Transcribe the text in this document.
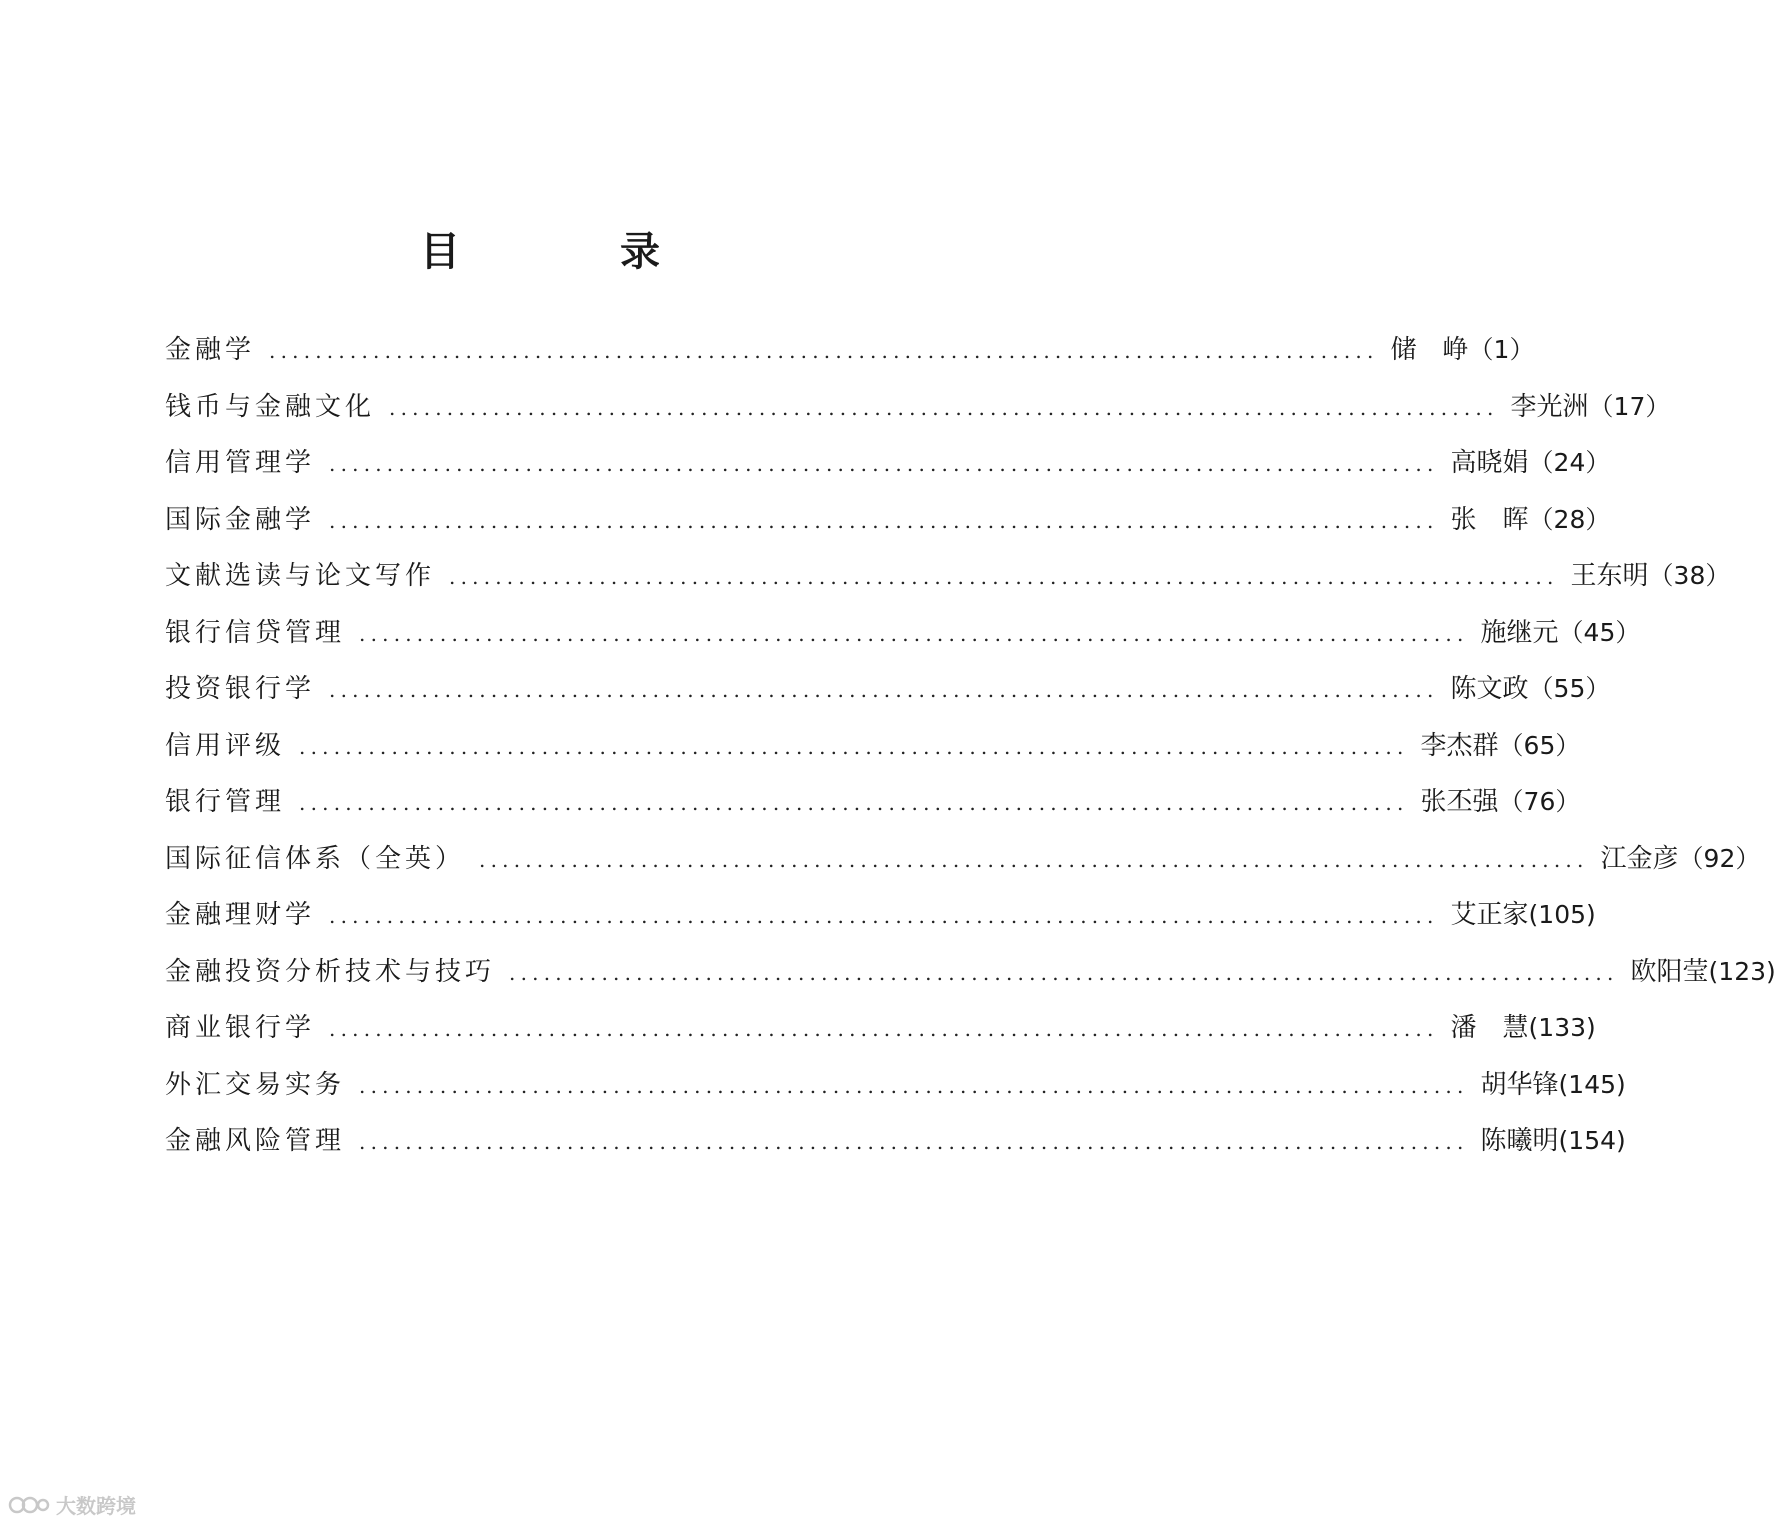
目　录
金融学 ................................................................................................ 储　峥 （1）
钱币与金融文化 ................................................................................................ 李光洲 （17）
信用管理学 ................................................................................................ 高晓娟 （24）
国际金融学 ................................................................................................ 张　晖 （28）
文献选读与论文写作 ................................................................................................ 王东明 （38）
银行信贷管理 ................................................................................................ 施继元 （45）
投资银行学 ................................................................................................ 陈文政 （55）
信用评级 ................................................................................................ 李杰群 （65）
银行管理 ................................................................................................ 张丕强 （76）
国际征信体系（全英） ................................................................................................ 江金彦 （92）
金融理财学 ................................................................................................ 艾正家 (105)
金融投资分析技术与技巧 ................................................................................................ 欧阳莹 (123)
商业银行学 ................................................................................................ 潘　慧 (133)
外汇交易实务 ................................................................................................ 胡华锋 (145)
金融风险管理 ................................................................................................ 陈曦明 (154)
大数跨境
